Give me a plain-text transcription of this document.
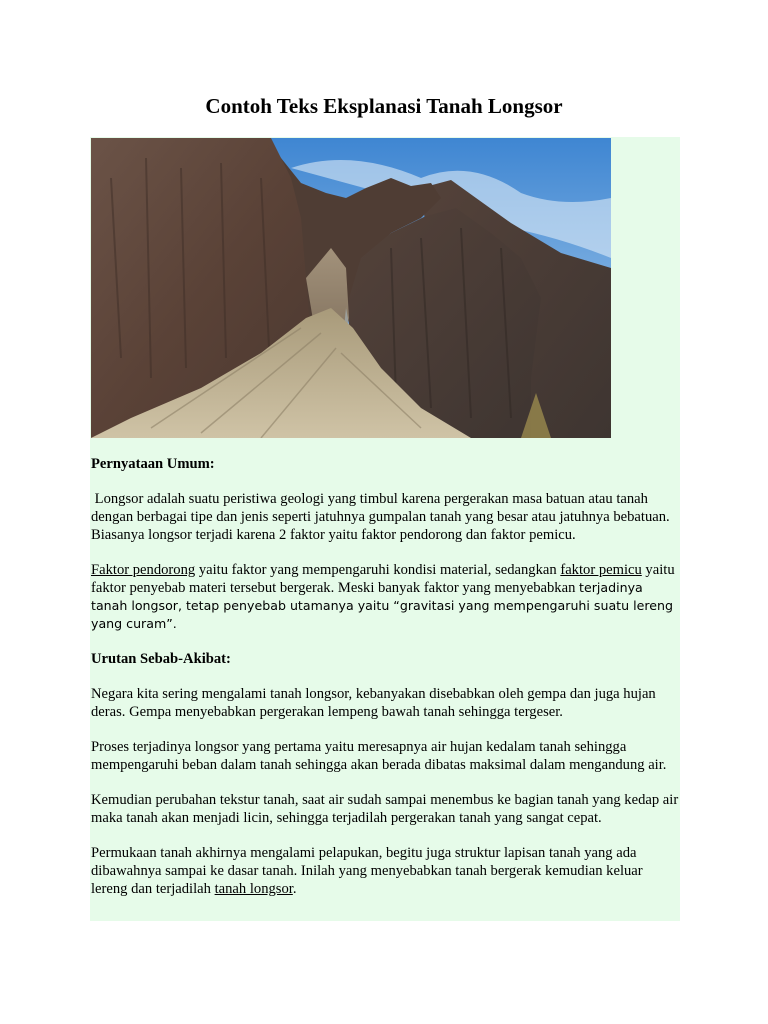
Contoh Teks Eksplanasi Tanah Longsor

Pernyataan Umum:

Longsor adalah suatu peristiwa geologi yang timbul karena pergerakan masa batuan atau tanah dengan berbagai tipe dan jenis seperti jatuhnya gumpalan tanah yang besar atau jatuhnya bebatuan. Biasanya longsor terjadi karena 2 faktor yaitu faktor pendorong dan faktor pemicu.

Faktor pendorong yaitu faktor yang mempengaruhi kondisi material, sedangkan faktor pemicu yaitu faktor penyebab materi tersebut bergerak. Meski banyak faktor yang menyebabkan terjadinya tanah longsor, tetap penyebab utamanya yaitu “gravitasi yang mempengaruhi suatu lereng yang curam”.

Urutan Sebab-Akibat:

Negara kita sering mengalami tanah longsor, kebanyakan disebabkan oleh gempa dan juga hujan deras. Gempa menyebabkan pergerakan lempeng bawah tanah sehingga tergeser.

Proses terjadinya longsor yang pertama yaitu meresapnya air hujan kedalam tanah sehingga mempengaruhi beban dalam tanah sehingga akan berada dibatas maksimal dalam mengandung air.

Kemudian perubahan tekstur tanah, saat air sudah sampai menembus ke bagian tanah yang kedap air maka tanah akan menjadi licin, sehingga terjadilah pergerakan tanah yang sangat cepat.

Permukaan tanah akhirnya mengalami pelapukan, begitu juga struktur lapisan tanah yang ada dibawahnya sampai ke dasar tanah. Inilah yang menyebabkan tanah bergerak kemudian keluar lereng dan terjadilah tanah longsor.
